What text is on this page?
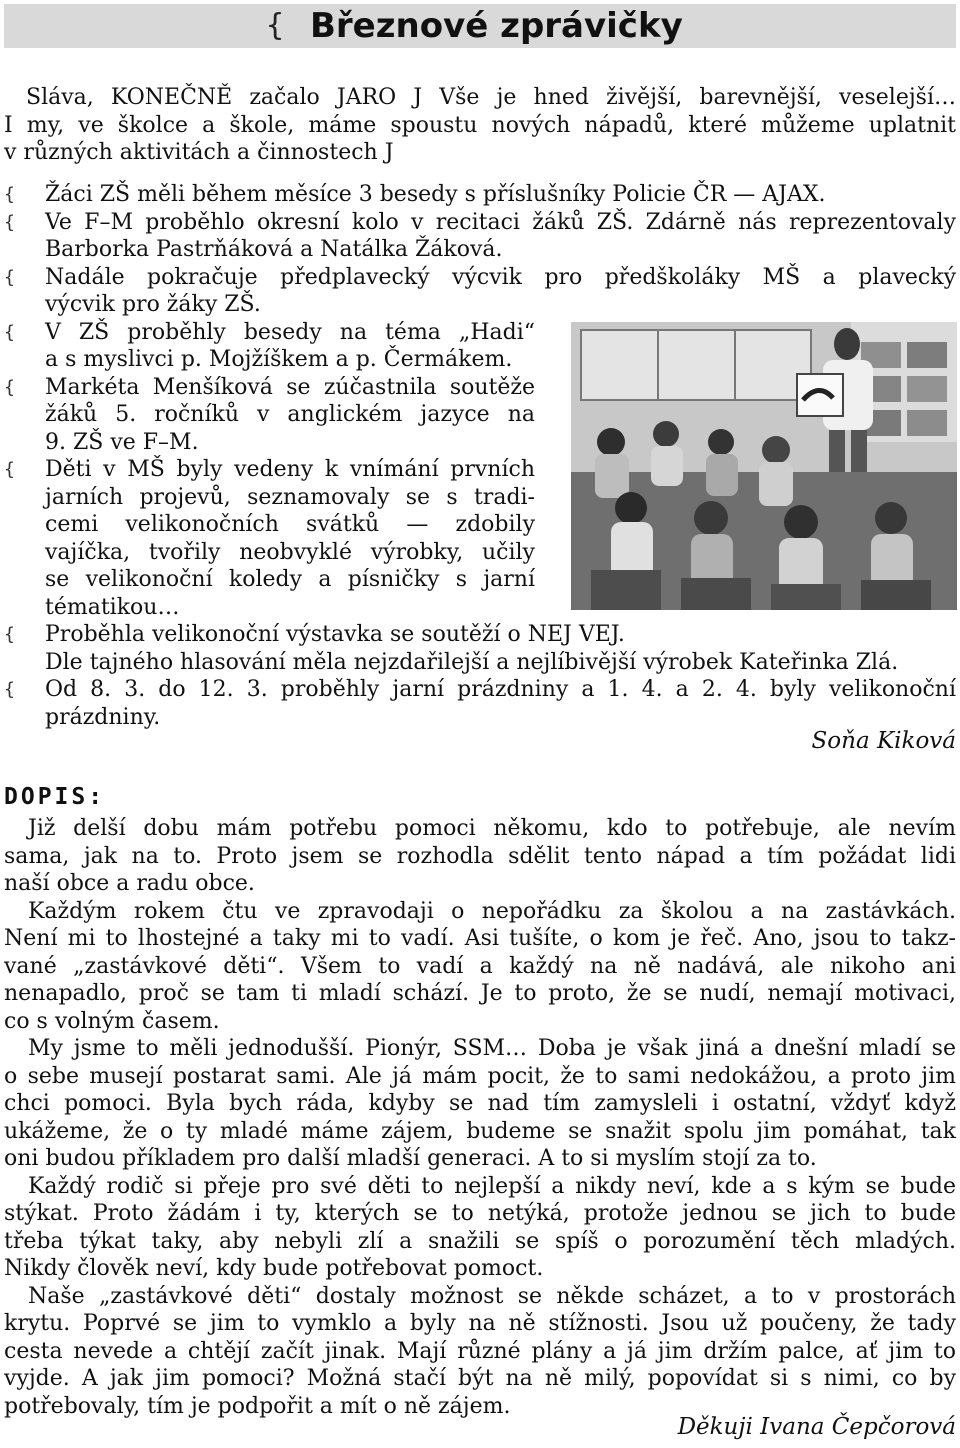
{ Březnové zprávičky
Sláva, KONEČNĚ začalo JARO J Vše je hned živější, barevnější, veselejší…
I my, ve školce a škole, máme spoustu nových nápadů, které můžeme uplatnit
v různých aktivitách a činnostech J
{	Žáci ZŠ měli během měsíce 3 besedy s příslušníky Policie ČR — AJAX.
{	Ve F–M proběhlo okresní kolo v recitaci žáků ZŠ. Zdárně nás reprezentovaly
Barborka Pastrňáková a Natálka Žáková.
{	Nadále pokračuje předplavecký výcvik pro předškoláky MŠ a plavecký
výcvik pro žáky ZŠ.
{	V ZŠ proběhly besedy na téma „Hadi“
a s myslivci p. Mojžíškem a p. Čermákem.
{	Markéta Menšíková se zúčastnila soutěže
žáků 5. ročníků v anglickém jazyce na
9. ZŠ ve F–M.
{	Děti v MŠ byly vedeny k vnímání prvních
jarních projevů, seznamovaly se s tradi-
cemi velikonočních svátků — zdobily
vajíčka, tvořily neobvyklé výrobky, učily
se velikonoční koledy a písničky s jarní
tématikou…
{	Proběhla velikonoční výstavka se soutěží o NEJ VEJ.
Dle tajného hlasování měla nejzdařilejší a nejlíbivější výrobek Kateřinka Zlá.
{	Od 8. 3. do 12. 3. proběhly jarní prázdniny a 1. 4. a 2. 4. byly velikonoční
prázdniny.
Soňa Kiková
DOPIS:

Již delší dobu mám potřebu pomoci někomu, kdo to potřebuje, ale nevím

sama, jak na to. Proto jsem se rozhodla sdělit tento nápad a tím požádat lidi

naší obce a radu obce.

Každým rokem čtu ve zpravodaji o nepořádku za školou a na zastávkách.

Není mi to lhostejné a taky mi to vadí. Asi tušíte, o kom je řeč. Ano, jsou to takz-

vané „zastávkové děti“. Všem to vadí a každý na ně nadává, ale nikoho ani

nenapadlo, proč se tam ti mladí schází. Je to proto, že se nudí, nemají motivaci,

co s volným časem.

My jsme to měli jednodušší. Pionýr, SSM… Doba je však jiná a dnešní mladí se

o sebe musejí postarat sami. Ale já mám pocit, že to sami nedokážou, a proto jim

chci pomoci. Byla bych ráda, kdyby se nad tím zamysleli i ostatní, vždyť když

ukážeme, že o ty mladé máme zájem, budeme se snažit spolu jim pomáhat, tak

oni budou příkladem pro další mladší generaci. A to si myslím stojí za to.

Každý rodič si přeje pro své děti to nejlepší a nikdy neví, kde a s kým se bude

stýkat. Proto žádám i ty, kterých se to netýká, protože jednou se jich to bude

třeba týkat taky, aby nebyli zlí a snažili se spíš o porozumění těch mladých.

Nikdy člověk neví, kdy bude potřebovat pomoct.

Naše „zastávkové děti“ dostaly možnost se někde scházet, a to v prostorách

krytu. Poprvé se jim to vymklo a byly na ně stížnosti. Jsou už poučeny, že tady

cesta nevede a chtějí začít jinak. Mají různé plány a já jim držím palce, ať jim to

vyjde. A jak jim pomoci? Možná stačí být na ně milý, popovídat si s nimi, co by

potřebovaly, tím je podpořit a mít o ně zájem.

Děkuji Ivana Čepčorová
